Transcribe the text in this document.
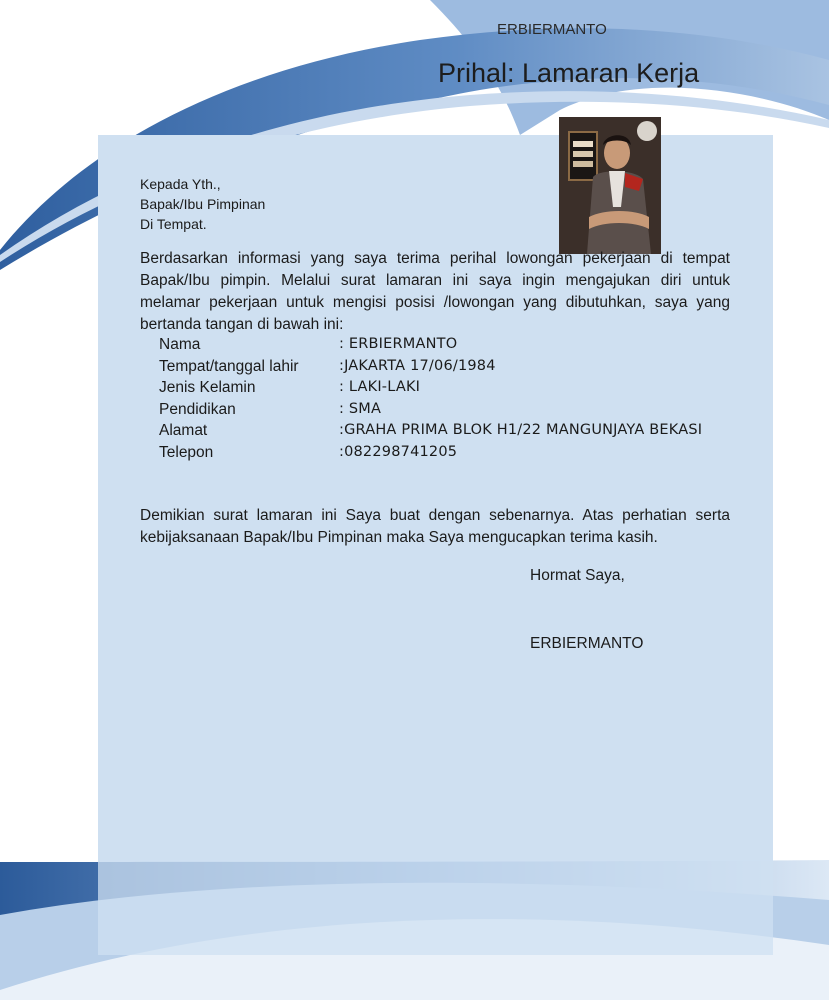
ERBIERMANTO
Prihal: Lamaran Kerja
Kepada Yth.,
Bapak/Ibu Pimpinan
Di Tempat.

Berdasarkan informasi yang saya terima perihal lowongan pekerjaan di tempat Bapak/Ibu pimpin. Melalui surat lamaran ini saya ingin mengajukan diri untuk melamar pekerjaan untuk mengisi posisi /lowongan yang dibutuhkan, saya yang bertanda tangan di bawah ini:

Nama	: ERBIERMANTO
Tempat/tanggal lahir	:JAKARTA 17/06/1984
Jenis Kelamin	: LAKI-LAKI
Pendidikan	: SMA
Alamat	:GRAHA PRIMA BLOK H1/22 MANGUNJAYA BEKASI
Telepon	:082298741205

Demikian surat lamaran ini Saya buat dengan sebenarnya. Atas perhatian serta kebijaksanaan Bapak/Ibu Pimpinan maka Saya mengucapkan terima kasih.

Hormat Saya,
ERBIERMANTO
